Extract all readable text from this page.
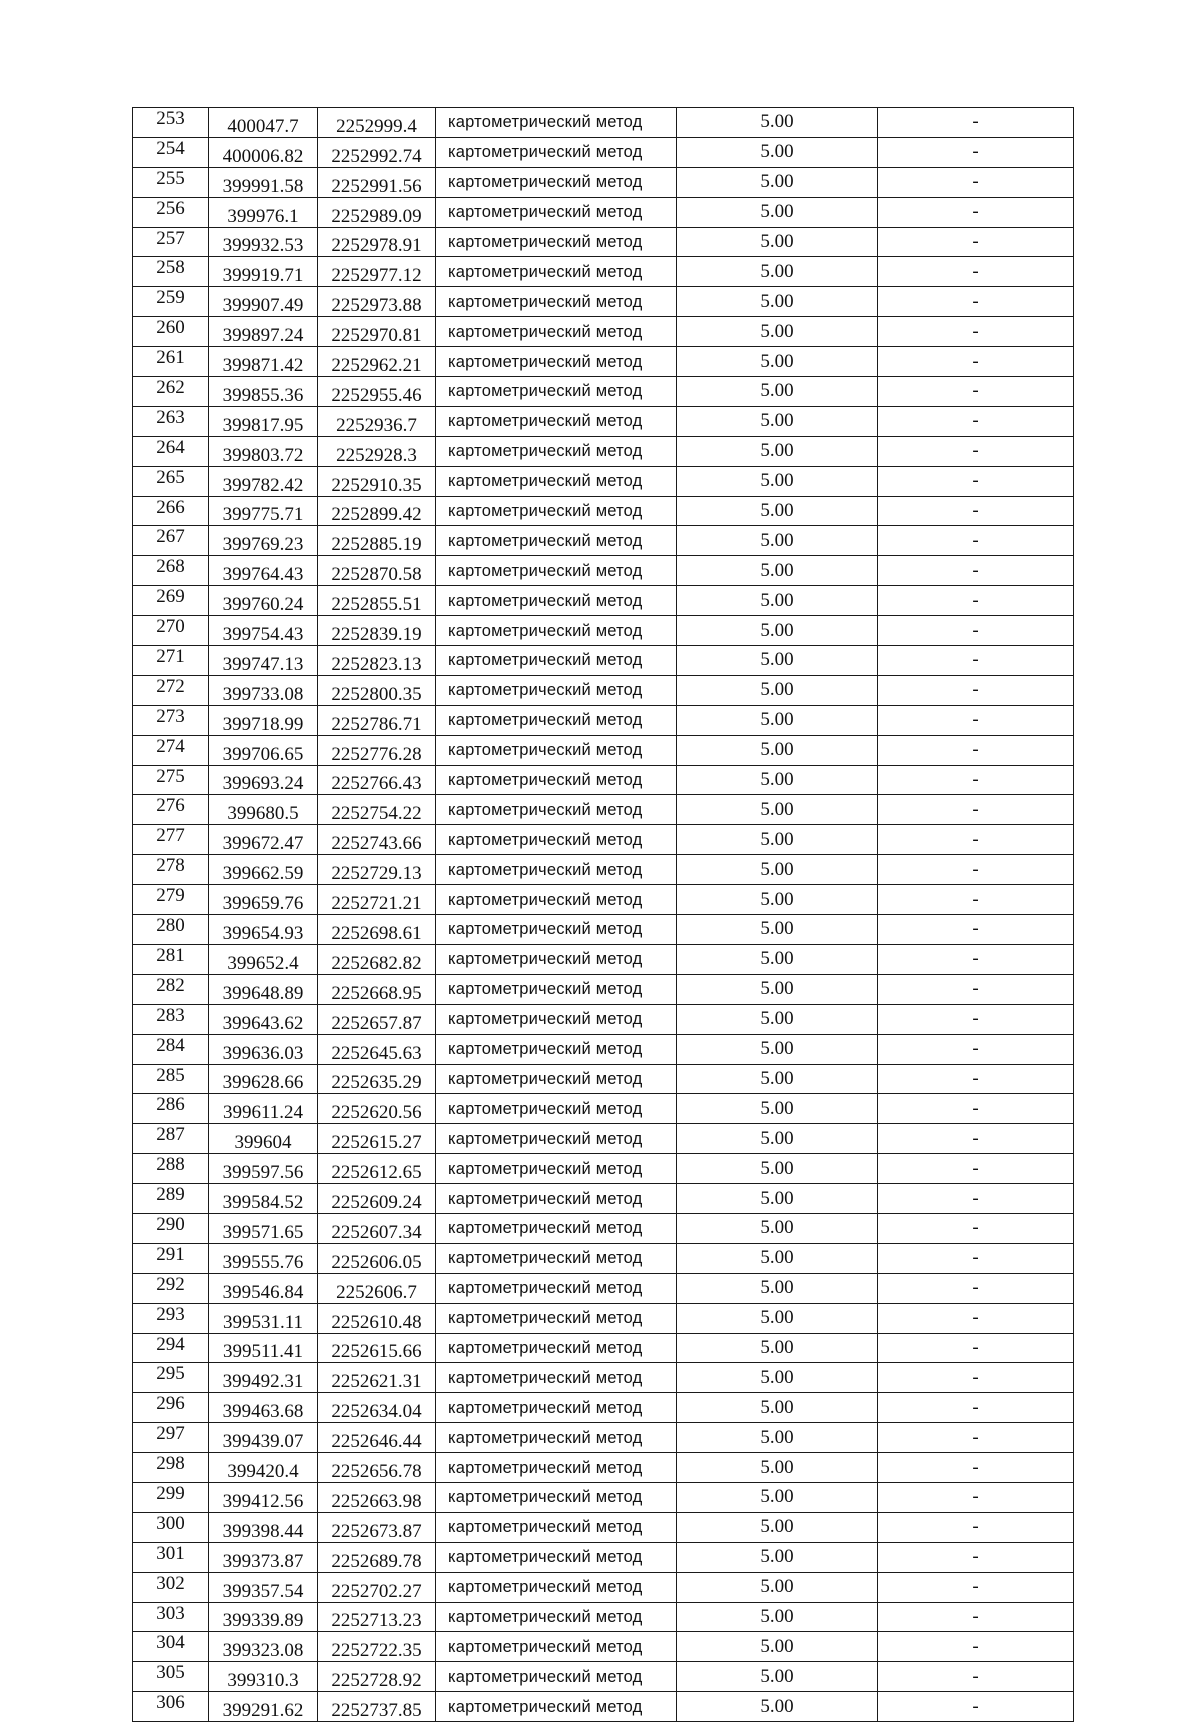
253	400047.7	2252999.4	картометрический метод	5.00	-
254	400006.82	2252992.74	картометрический метод	5.00	-
255	399991.58	2252991.56	картометрический метод	5.00	-
256	399976.1	2252989.09	картометрический метод	5.00	-
257	399932.53	2252978.91	картометрический метод	5.00	-
258	399919.71	2252977.12	картометрический метод	5.00	-
259	399907.49	2252973.88	картометрический метод	5.00	-
260	399897.24	2252970.81	картометрический метод	5.00	-
261	399871.42	2252962.21	картометрический метод	5.00	-
262	399855.36	2252955.46	картометрический метод	5.00	-
263	399817.95	2252936.7	картометрический метод	5.00	-
264	399803.72	2252928.3	картометрический метод	5.00	-
265	399782.42	2252910.35	картометрический метод	5.00	-
266	399775.71	2252899.42	картометрический метод	5.00	-
267	399769.23	2252885.19	картометрический метод	5.00	-
268	399764.43	2252870.58	картометрический метод	5.00	-
269	399760.24	2252855.51	картометрический метод	5.00	-
270	399754.43	2252839.19	картометрический метод	5.00	-
271	399747.13	2252823.13	картометрический метод	5.00	-
272	399733.08	2252800.35	картометрический метод	5.00	-
273	399718.99	2252786.71	картометрический метод	5.00	-
274	399706.65	2252776.28	картометрический метод	5.00	-
275	399693.24	2252766.43	картометрический метод	5.00	-
276	399680.5	2252754.22	картометрический метод	5.00	-
277	399672.47	2252743.66	картометрический метод	5.00	-
278	399662.59	2252729.13	картометрический метод	5.00	-
279	399659.76	2252721.21	картометрический метод	5.00	-
280	399654.93	2252698.61	картометрический метод	5.00	-
281	399652.4	2252682.82	картометрический метод	5.00	-
282	399648.89	2252668.95	картометрический метод	5.00	-
283	399643.62	2252657.87	картометрический метод	5.00	-
284	399636.03	2252645.63	картометрический метод	5.00	-
285	399628.66	2252635.29	картометрический метод	5.00	-
286	399611.24	2252620.56	картометрический метод	5.00	-
287	399604	2252615.27	картометрический метод	5.00	-
288	399597.56	2252612.65	картометрический метод	5.00	-
289	399584.52	2252609.24	картометрический метод	5.00	-
290	399571.65	2252607.34	картометрический метод	5.00	-
291	399555.76	2252606.05	картометрический метод	5.00	-
292	399546.84	2252606.7	картометрический метод	5.00	-
293	399531.11	2252610.48	картометрический метод	5.00	-
294	399511.41	2252615.66	картометрический метод	5.00	-
295	399492.31	2252621.31	картометрический метод	5.00	-
296	399463.68	2252634.04	картометрический метод	5.00	-
297	399439.07	2252646.44	картометрический метод	5.00	-
298	399420.4	2252656.78	картометрический метод	5.00	-
299	399412.56	2252663.98	картометрический метод	5.00	-
300	399398.44	2252673.87	картометрический метод	5.00	-
301	399373.87	2252689.78	картометрический метод	5.00	-
302	399357.54	2252702.27	картометрический метод	5.00	-
303	399339.89	2252713.23	картометрический метод	5.00	-
304	399323.08	2252722.35	картометрический метод	5.00	-
305	399310.3	2252728.92	картометрический метод	5.00	-
306	399291.62	2252737.85	картометрический метод	5.00	-
